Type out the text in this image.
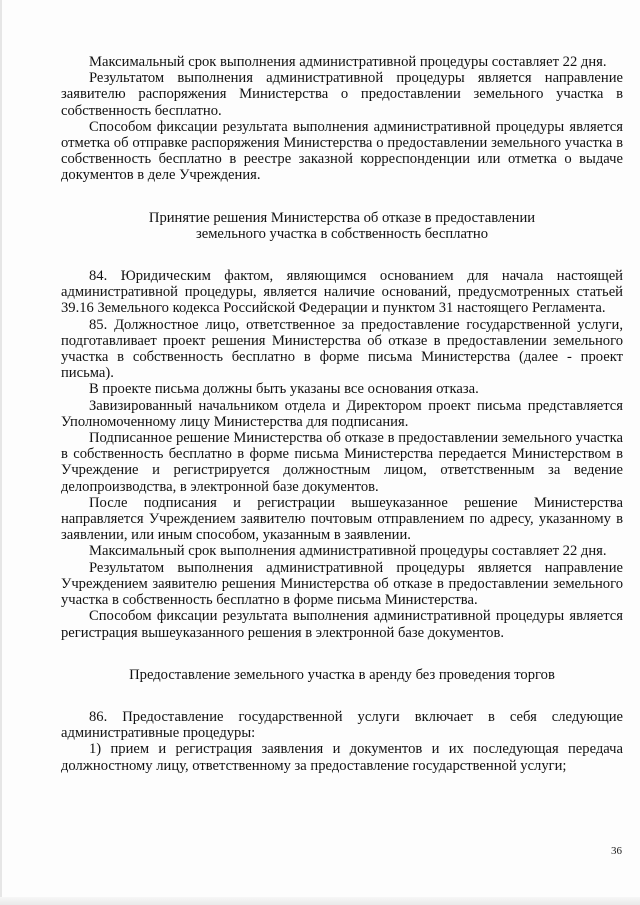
Максимальный срок выполнения административной процедуры составляет 22 дня.

Результатом выполнения административной процедуры является направление заявителю распоряжения Министерства о предоставлении земельного участка в собственность бесплатно.

Способом фиксации результата выполнения административной процедуры является отметка об отправке распоряжения Министерства о предоставлении земельного участка в собственность бесплатно в реестре заказной корреспонденции или отметка о выдаче документов в деле Учреждения.

Принятие решения Министерства об отказе в предоставлении
земельного участка в собственность бесплатно

84. Юридическим фактом, являющимся основанием для начала настоящей административной процедуры, является наличие оснований, предусмотренных статьей 39.16 Земельного кодекса Российской Федерации и пунктом 31 настоящего Регламента.

85. Должностное лицо, ответственное за предоставление государственной услуги, подготавливает проект решения Министерства об отказе в предоставлении земельного участка в собственность бесплатно в форме письма Министерства (далее - проект письма).

В проекте письма должны быть указаны все основания отказа.

Завизированный начальником отдела и Директором проект письма представляется Уполномоченному лицу Министерства для подписания.

Подписанное решение Министерства об отказе в предоставлении земельного участка в собственность бесплатно в форме письма Министерства передается Министерством в Учреждение и регистрируется должностным лицом, ответственным за ведение делопроизводства, в электронной базе документов.

После подписания и регистрации вышеуказанное решение Министерства направляется Учреждением заявителю почтовым отправлением по адресу, указанному в заявлении, или иным способом, указанным в заявлении.

Максимальный срок выполнения административной процедуры составляет 22 дня.

Результатом выполнения административной процедуры является направление Учреждением заявителю решения Министерства об отказе в предоставлении земельного участка в собственность бесплатно в форме письма Министерства.

Способом фиксации результата выполнения административной процедуры является регистрация вышеуказанного решения в электронной базе документов.

Предоставление земельного участка в аренду без проведения торгов

86. Предоставление государственной услуги включает в себя следующие административные процедуры:

1) прием и регистрация заявления и документов и их последующая передача должностному лицу, ответственному за предоставление государственной услуги;

36
